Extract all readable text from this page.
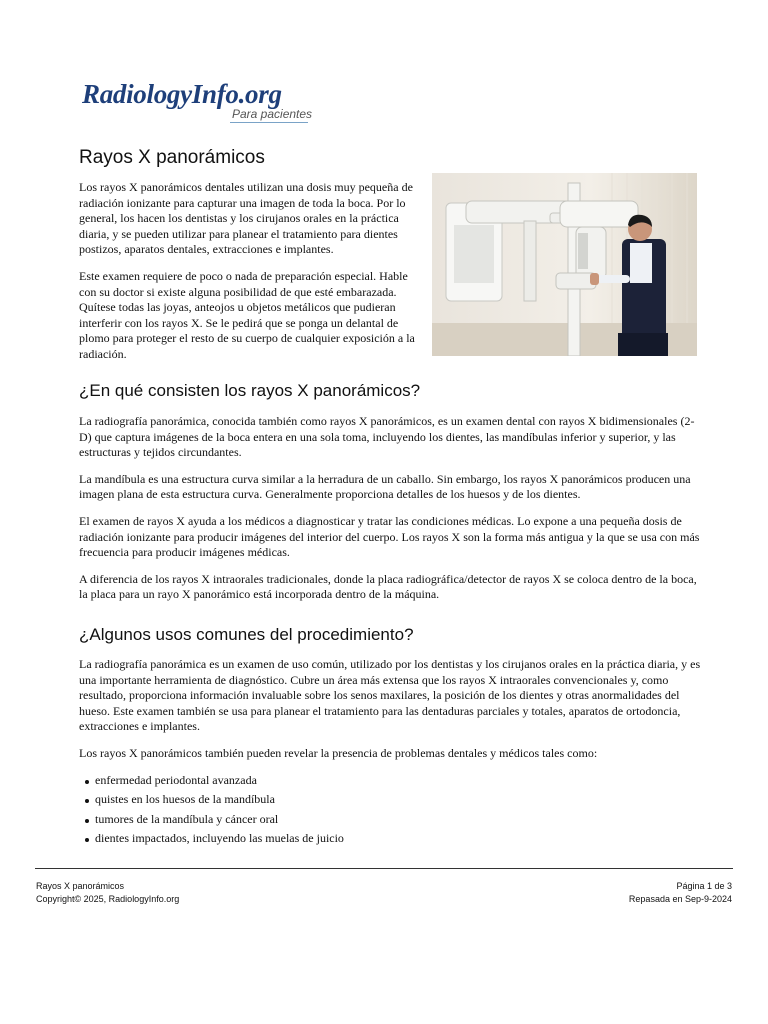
RadiologyInfo.org
Para pacientes
Rayos X panorámicos

Los rayos X panorámicos dentales utilizan una dosis muy pequeña de radiación ionizante para capturar una imagen de toda la boca. Por lo general, los hacen los dentistas y los cirujanos orales en la práctica diaria, y se pueden utilizar para planear el tratamiento para dientes postizos, aparatos dentales, extracciones e implantes.

Este examen requiere de poco o nada de preparación especial. Hable con su doctor si existe alguna posibilidad de que esté embarazada. Quítese todas las joyas, anteojos u objetos metálicos que pudieran interferir con los rayos X. Se le pedirá que se ponga un delantal de plomo para proteger el resto de su cuerpo de cualquier exposición a la radiación.

¿En qué consisten los rayos X panorámicos?

La radiografía panorámica, conocida también como rayos X panorámicos, es un examen dental con rayos X bidimensionales (2-D) que captura imágenes de la boca entera en una sola toma, incluyendo los dientes, las mandíbulas inferior y superior, y las estructuras y tejidos circundantes.

La mandíbula es una estructura curva similar a la herradura de un caballo. Sin embargo, los rayos X panorámicos producen una imagen plana de esta estructura curva. Generalmente proporciona detalles de los huesos y de los dientes.

El examen de rayos X ayuda a los médicos a diagnosticar y tratar las condiciones médicas. Lo expone a una pequeña dosis de radiación ionizante para producir imágenes del interior del cuerpo. Los rayos X son la forma más antigua y la que se usa con más frecuencia para producir imágenes médicas.

A diferencia de los rayos X intraorales tradicionales, donde la placa radiográfica/detector de rayos X se coloca dentro de la boca, la placa para un rayo X panorámico está incorporada dentro de la máquina.

¿Algunos usos comunes del procedimiento?

La radiografía panorámica es un examen de uso común, utilizado por los dentistas y los cirujanos orales en la práctica diaria, y es una importante herramienta de diagnóstico. Cubre un área más extensa que los rayos X intraorales convencionales y, como resultado, proporciona información invaluable sobre los senos maxilares, la posición de los dientes y otras anormalidades del hueso. Este examen también se usa para planear el tratamiento para las dentaduras parciales y totales, aparatos de ortodoncia, extracciones e implantes.

Los rayos X panorámicos también pueden revelar la presencia de problemas dentales y médicos tales como:

enfermedad periodontal avanzada
quistes en los huesos de la mandíbula
tumores de la mandíbula y cáncer oral
dientes impactados, incluyendo las muelas de juicio
Rayos X panorámicos
Copyright© 2025, RadiologyInfo.org
Página 1 de 3
Repasada en Sep-9-2024
